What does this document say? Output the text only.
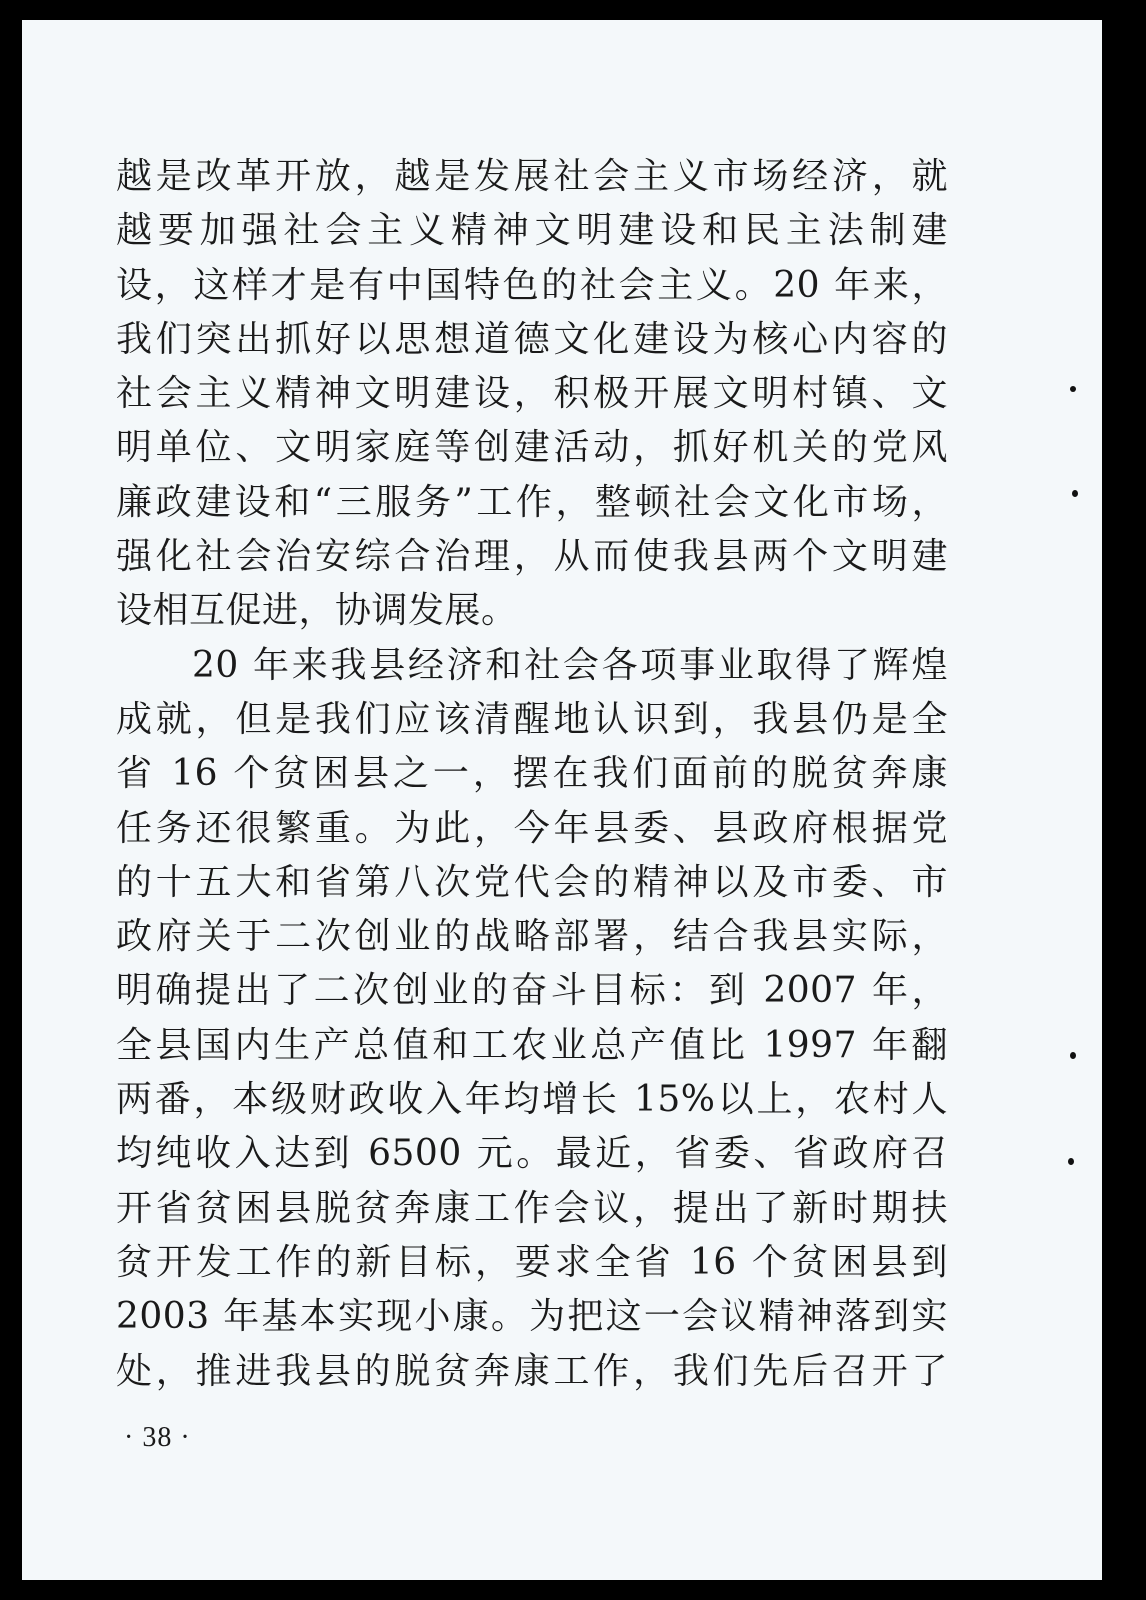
越是改革开放，越是发展社会主义市场经济，就
越要加强社会主义精神文明建设和民主法制建
设，这样才是有中国特色的社会主义。20 年来，
我们突出抓好以思想道德文化建设为核心内容的
社会主义精神文明建设，积极开展文明村镇、文
明单位、文明家庭等创建活动，抓好机关的党风
廉政建设和“三服务”工作，整顿社会文化市场，
强化社会治安综合治理，从而使我县两个文明建
设相互促进，协调发展。
20 年来我县经济和社会各项事业取得了辉煌
成就，但是我们应该清醒地认识到，我县仍是全
省 16 个贫困县之一，摆在我们面前的脱贫奔康
任务还很繁重。为此，今年县委、县政府根据党
的十五大和省第八次党代会的精神以及市委、市
政府关于二次创业的战略部署，结合我县实际，
明确提出了二次创业的奋斗目标：到 2007 年，
全县国内生产总值和工农业总产值比 1997 年翻
两番，本级财政收入年均增长 15%以上，农村人
均纯收入达到 6500 元。最近，省委、省政府召
开省贫困县脱贫奔康工作会议，提出了新时期扶
贫开发工作的新目标，要求全省 16 个贫困县到
2003 年基本实现小康。为把这一会议精神落到实
处，推进我县的脱贫奔康工作，我们先后召开了
· 38 ·
